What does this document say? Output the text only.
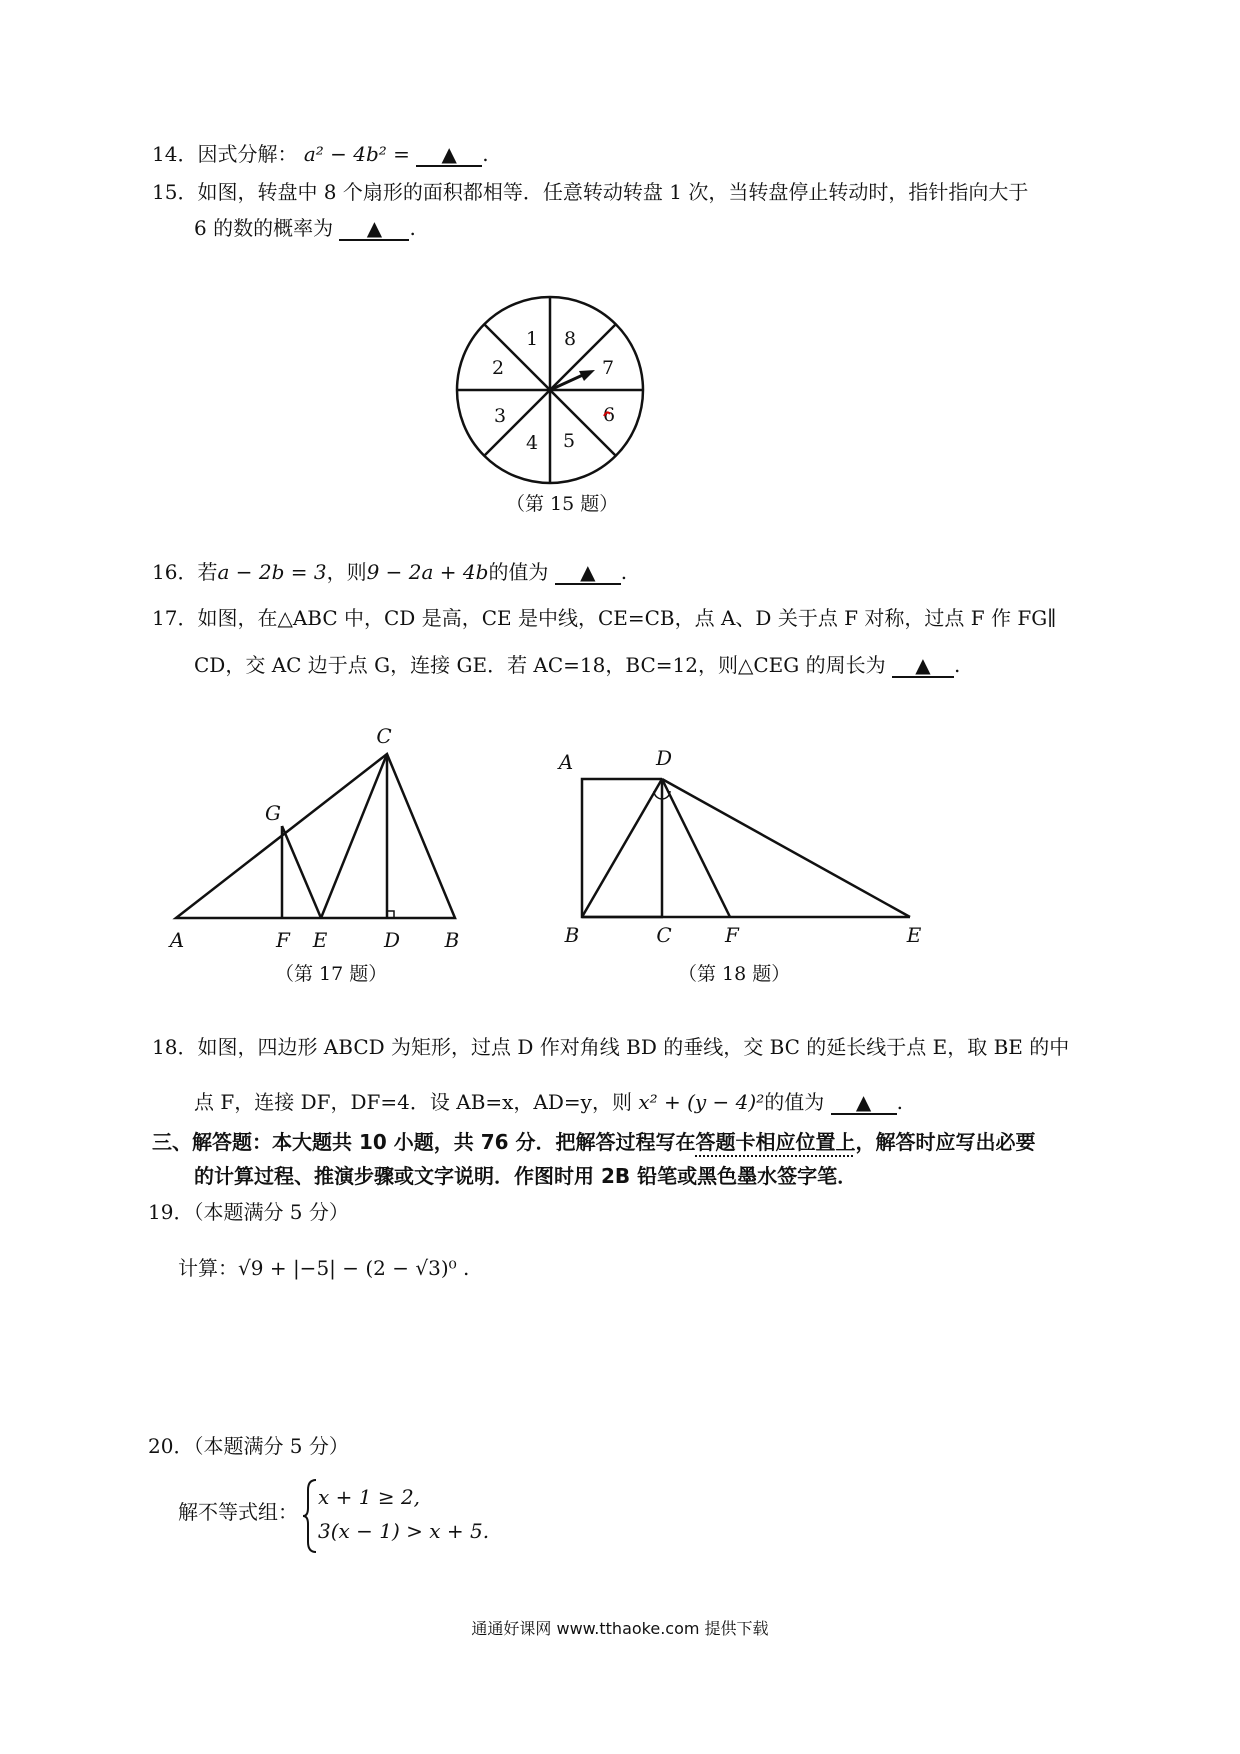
14．因式分解： a² − 4b² = ▲ .
15．如图，转盘中 8 个扇形的面积都相等．任意转动转盘 1 次，当转盘停止转动时，指针指向大于
6 的数的概率为 ▲ .
1
2
3
4 5
6
7
8
（第 15 题）
16．若a − 2b = 3，则9 − 2a + 4b的值为 ▲ .
17．如图，在△ABC 中，CD 是高，CE 是中线，CE=CB，点 A、D 关于点 F 对称，过点 F 作 FG∥
CD，交 AC 边于点 G，连接 GE．若 AC=18，BC=12，则△CEG 的周长为 ▲ .
C
G
A	F E	D B
（第 17 题）
A	D
B	C	F	E
（第 18 题）
18．如图，四边形 ABCD 为矩形，过点 D 作对角线 BD 的垂线，交 BC 的延长线于点 E，取 BE 的中
点 F，连接 DF，DF=4．设 AB=x，AD=y，则 x² + (y − 4)²的值为 ▲ .
三、解答题：本大题共 10 小题，共 76 分．把解答过程写在答题卡相应位置上，解答时应写出必要
的计算过程、推演步骤或文字说明．作图时用 2B 铅笔或黑色墨水签字笔．
19．（本题满分 5 分）
计算：√9 + |−5| − (2 − √3)⁰ .
20．（本题满分 5 分）
解不等式组：
x + 1 ≥ 2,
3(x − 1) > x + 5.
通通好课网 www.tthaoke.com 提供下载
